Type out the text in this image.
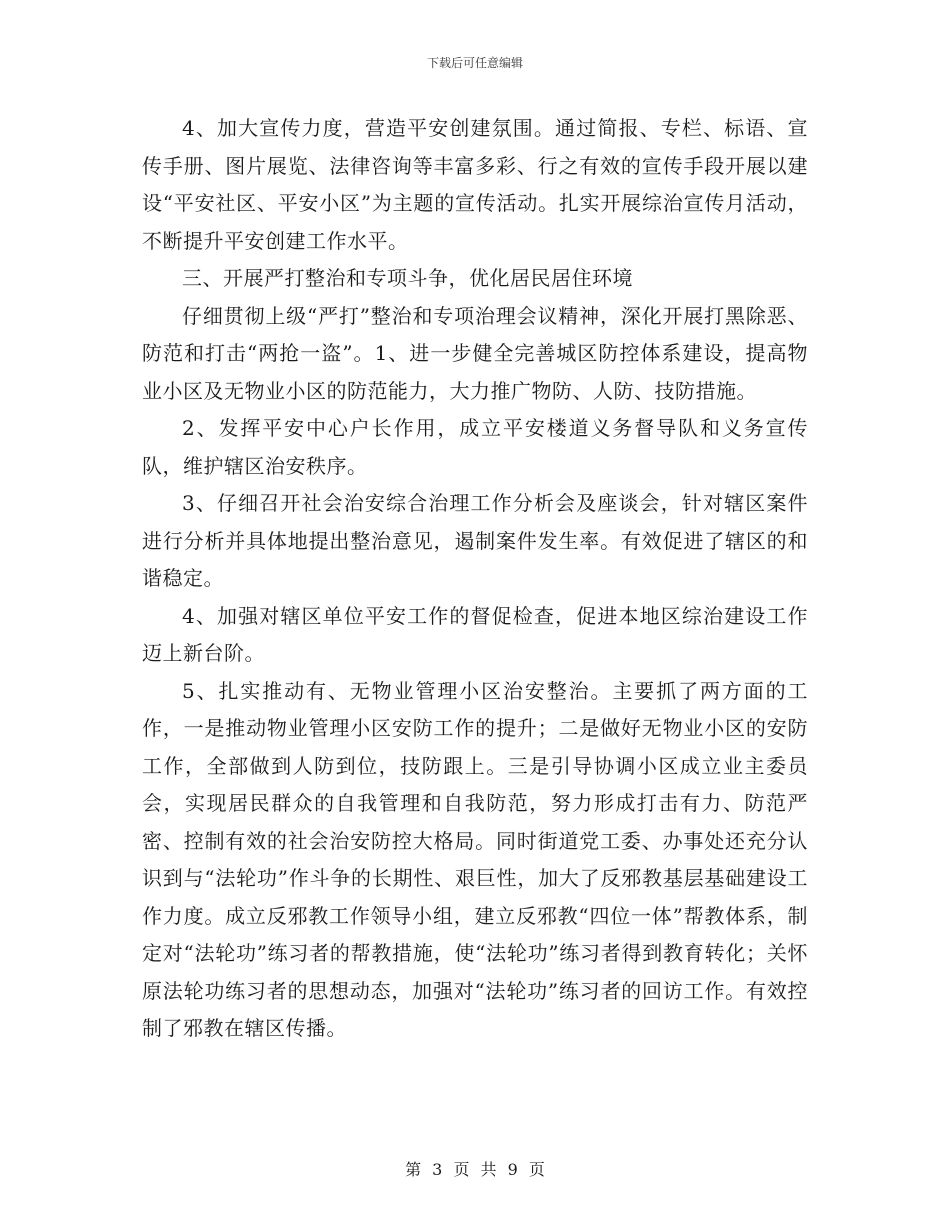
下载后可任意编辑

4、加大宣传力度，营造平安创建氛围。通过简报、专栏、标语、宣传手册、图片展览、法律咨询等丰富多彩、行之有效的宣传手段开展以建设“平安社区、平安小区”为主题的宣传活动。扎实开展综治宣传月活动，不断提升平安创建工作水平。

三、开展严打整治和专项斗争，优化居民居住环境

仔细贯彻上级“严打”整治和专项治理会议精神，深化开展打黑除恶、防范和打击“两抢一盗”。1、进一步健全完善城区防控体系建设，提高物业小区及无物业小区的防范能力，大力推广物防、人防、技防措施。

2、发挥平安中心户长作用，成立平安楼道义务督导队和义务宣传队，维护辖区治安秩序。

3、仔细召开社会治安综合治理工作分析会及座谈会，针对辖区案件进行分析并具体地提出整治意见，遏制案件发生率。有效促进了辖区的和谐稳定。

4、加强对辖区单位平安工作的督促检查，促进本地区综治建设工作迈上新台阶。

5、扎实推动有、无物业管理小区治安整治。主要抓了两方面的工作，一是推动物业管理小区安防工作的提升；二是做好无物业小区的安防工作，全部做到人防到位，技防跟上。三是引导协调小区成立业主委员会，实现居民群众的自我管理和自我防范，努力形成打击有力、防范严密、控制有效的社会治安防控大格局。同时街道党工委、办事处还充分认识到与“法轮功”作斗争的长期性、艰巨性，加大了反邪教基层基础建设工作力度。成立反邪教工作领导小组，建立反邪教“四位一体”帮教体系，制定对“法轮功”练习者的帮教措施，使“法轮功”练习者得到教育转化；关怀原法轮功练习者的思想动态，加强对“法轮功”练习者的回访工作。有效控制了邪教在辖区传播。

第 3 页 共 9 页
